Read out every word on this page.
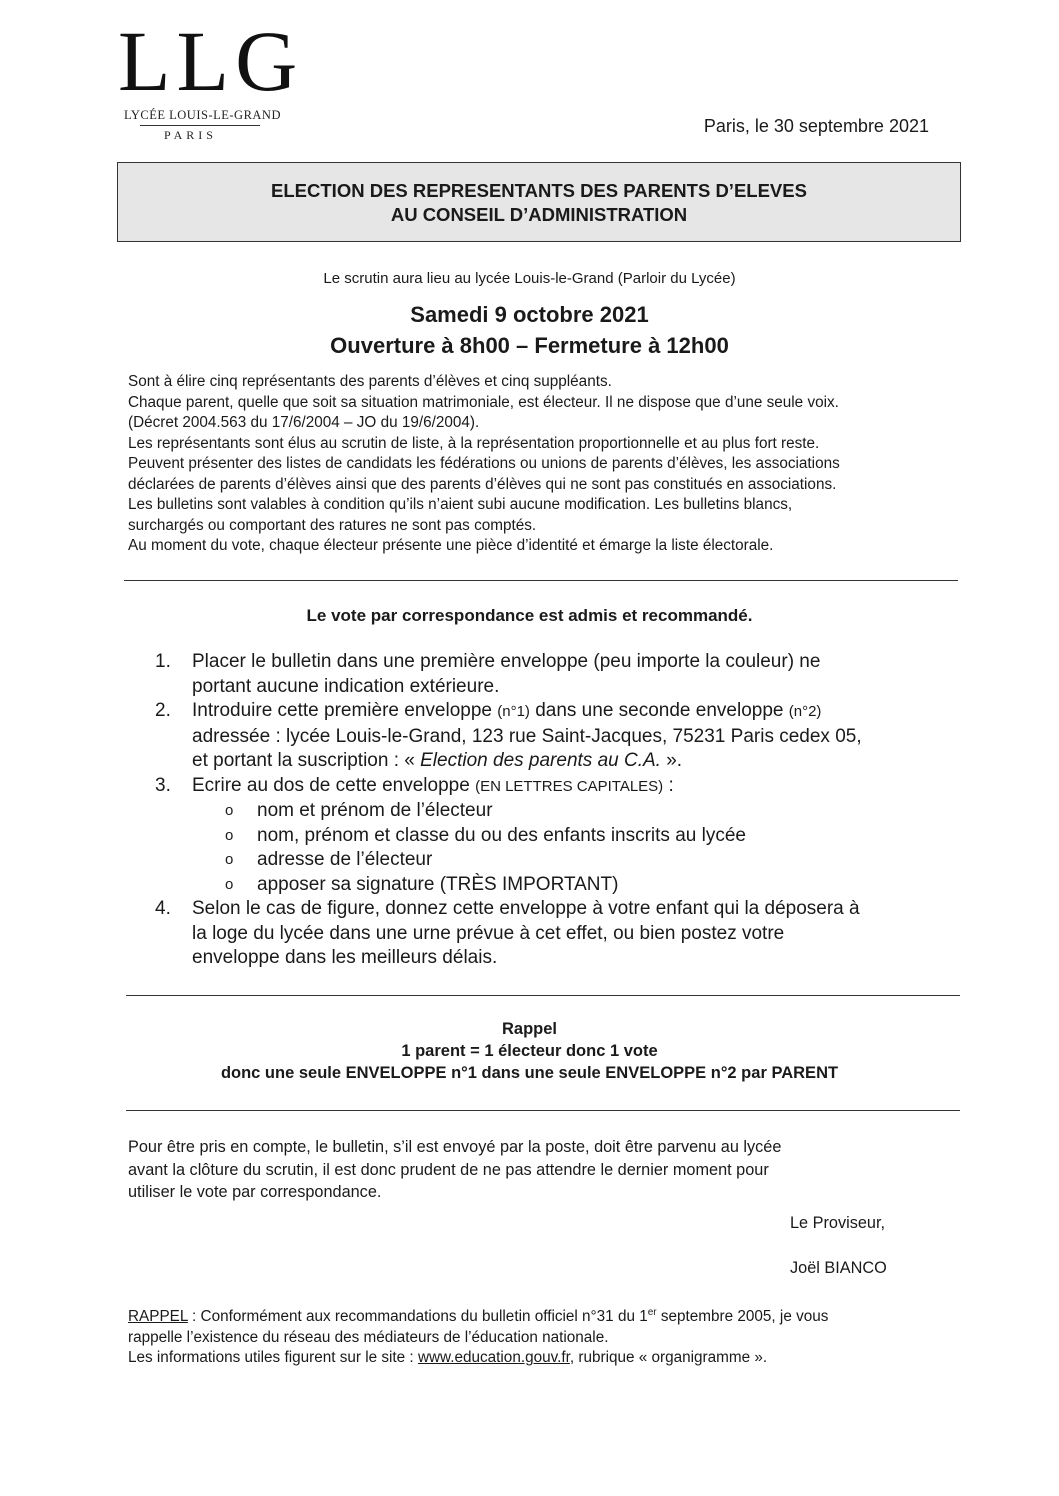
LLG
LYCÉE LOUIS-LE-GRAND
PARIS	Paris, le 30 septembre 2021
ELECTION DES REPRESENTANTS DES PARENTS D’ELEVES
AU CONSEIL D’ADMINISTRATION
Le scrutin aura lieu au lycée Louis-le-Grand (Parloir du Lycée)
Samedi 9 octobre 2021
Ouverture à 8h00 – Fermeture à 12h00
Sont à élire cinq représentants des parents d’élèves et cinq suppléants.
Chaque parent, quelle que soit sa situation matrimoniale, est électeur. Il ne dispose que d’une seule voix.
(Décret 2004.563 du 17/6/2004 – JO du 19/6/2004).
Les représentants sont élus au scrutin de liste, à la représentation proportionnelle et au plus fort reste.
Peuvent présenter des listes de candidats les fédérations ou unions de parents d’élèves, les associations
déclarées de parents d’élèves ainsi que des parents d’élèves qui ne sont pas constitués en associations.
Les bulletins sont valables à condition qu’ils n’aient subi aucune modification. Les bulletins blancs,
surchargés ou comportant des ratures ne sont pas comptés.
Au moment du vote, chaque électeur présente une pièce d’identité et émarge la liste électorale.
Le vote par correspondance est admis et recommandé.
1.	Placer le bulletin dans une première enveloppe (peu importe la couleur) ne
portant aucune indication extérieure.
2.	Introduire cette première enveloppe (n°1) dans une seconde enveloppe (n°2)
adressée : lycée Louis-le-Grand, 123 rue Saint-Jacques, 75231 Paris cedex 05,
et portant la suscription : « Election des parents au C.A. ».
3.	Ecrire au dos de cette enveloppe (EN LETTRES CAPITALES) :
o	nom et prénom de l’électeur
o	nom, prénom et classe du ou des enfants inscrits au lycée
o	adresse de l’électeur
o	apposer sa signature (TRÈS IMPORTANT)
4.	Selon le cas de figure, donnez cette enveloppe à votre enfant qui la déposera à
la loge du lycée dans une urne prévue à cet effet, ou bien postez votre
enveloppe dans les meilleurs délais.
Rappel
1 parent = 1 électeur donc 1 vote
donc une seule ENVELOPPE n°1 dans une seule ENVELOPPE n°2 par PARENT
Pour être pris en compte, le bulletin, s’il est envoyé par la poste, doit être parvenu au lycée
avant la clôture du scrutin, il est donc prudent de ne pas attendre le dernier moment pour
utiliser le vote par correspondance.
Le Proviseur,
Joël BIANCO
RAPPEL : Conformément aux recommandations du bulletin officiel n°31 du 1er septembre 2005, je vous
rappelle l’existence du réseau des médiateurs de l’éducation nationale.
Les informations utiles figurent sur le site : www.education.gouv.fr, rubrique « organigramme ».
